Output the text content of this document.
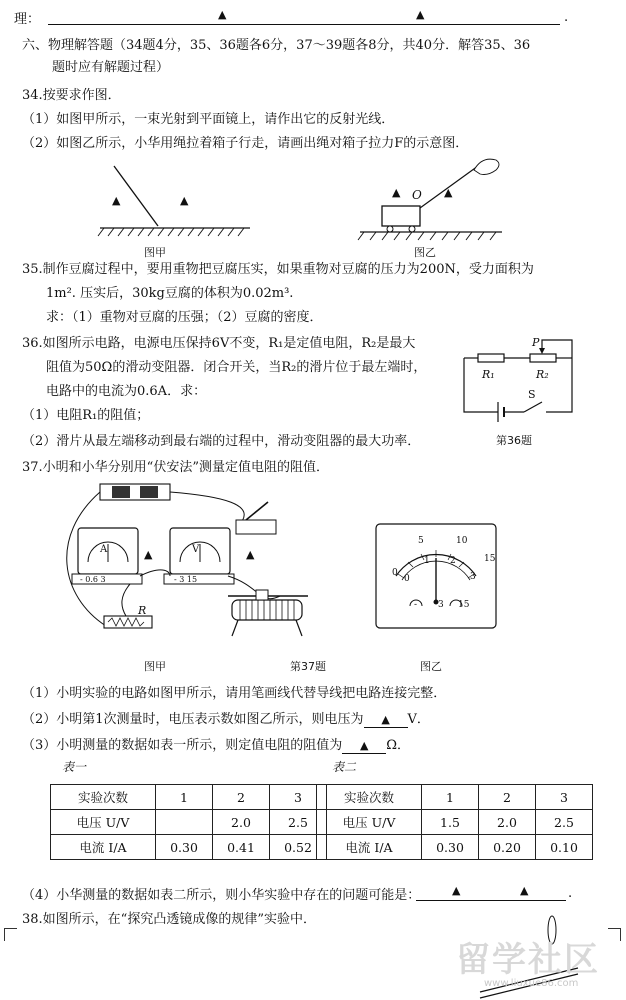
理：	▲	▲	.
六、物理解答题（34题4分，35、36题各6分，37～39题各8分，共40分．解答35、36
题时应有解题过程）
34.按要求作图．
（1）如图甲所示，一束光射到平面镜上，请作出它的反射光线．
（2）如图乙所示，小华用绳拉着箱子行走，请画出绳对箱子拉力F的示意图．
▲	▲
图甲
O
▲	▲
图乙
35.制作豆腐过程中，要用重物把豆腐压实，如果重物对豆腐的压力为200N，受力面积为
1m². 压实后，30kg豆腐的体积为0.02m³.
求：（1）重物对豆腐的压强；（2）豆腐的密度．
36.如图所示电路，电源电压保持6V不变，R₁是定值电阻，R₂是最大
阻值为50Ω的滑动变阻器．闭合开关，当R₂的滑片位于最左端时，
电路中的电流为0.6A．求：
（1）电阻R₁的阻值；
（2）滑片从最左端移动到最右端的过程中，滑动变阻器的最大功率．
P
R₁	R₂
S
第36题
37.小明和小华分别用“伏安法”测量定值电阻的阻值．
A	V
- 0.6 3	- 3 15
R
▲	▲
图甲	第37题
0
5	10
15
0
1 2
3
- 3 15
图乙
（1）小明实验的电路如图甲所示，请用笔画线代替导线把电路连接完整．
（2）小明第1次测量时，电压表示数如图乙所示，则电压为 ▲ V．
（3）小明测量的数据如表一所示，则定值电阻的阻值为 ▲ Ω．
表一	表二
实验次数	1	2	3
电压 U/V		2.0	2.5
电流 I/A	0.30	0.41	0.52
实验次数	1	2	3
电压 U/V	1.5	2.0	2.5
电流 I/A	0.30	0.20	0.10
（4）小华测量的数据如表二所示，则小华实验中存在的问题可能是：	▲	▲	.
38.如图所示，在“探究凸透镜成像的规律”实验中．
留学社区
www.liuxue86.com
